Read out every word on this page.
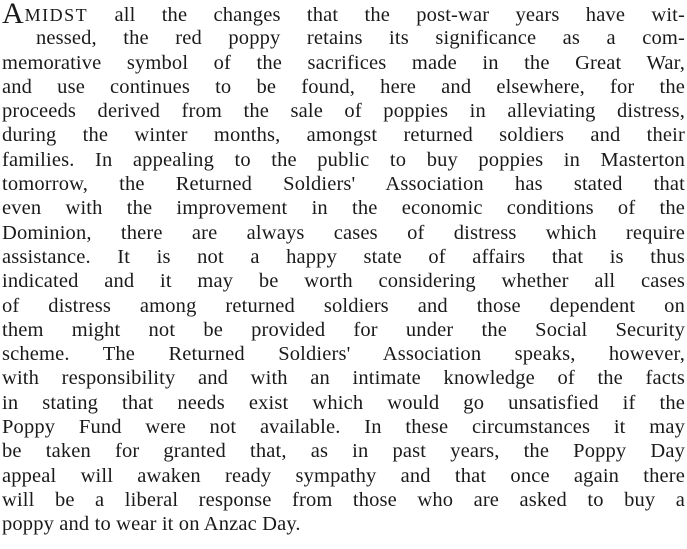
AMIDST all the changes that the post-war years have wit-
nessed, the red poppy retains its significance as a com-
memorative symbol of the sacrifices made in the Great War,
and use continues to be found, here and elsewhere, for the
proceeds derived from the sale of poppies in alleviating distress,
during the winter months, amongst returned soldiers and their
families. In appealing to the public to buy poppies in Masterton
tomorrow, the Returned Soldiers' Association has stated that
even with the improvement in the economic conditions of the
Dominion, there are always cases of distress which require
assistance. It is not a happy state of affairs that is thus
indicated and it may be worth considering whether all cases
of distress among returned soldiers and those dependent on
them might not be provided for under the Social Security
scheme. The Returned Soldiers' Association speaks, however,
with responsibility and with an intimate knowledge of the facts
in stating that needs exist which would go unsatisfied if the
Poppy Fund were not available. In these circumstances it may
be taken for granted that, as in past years, the Poppy Day
appeal will awaken ready sympathy and that once again there
will be a liberal response from those who are asked to buy a
poppy and to wear it on Anzac Day.
